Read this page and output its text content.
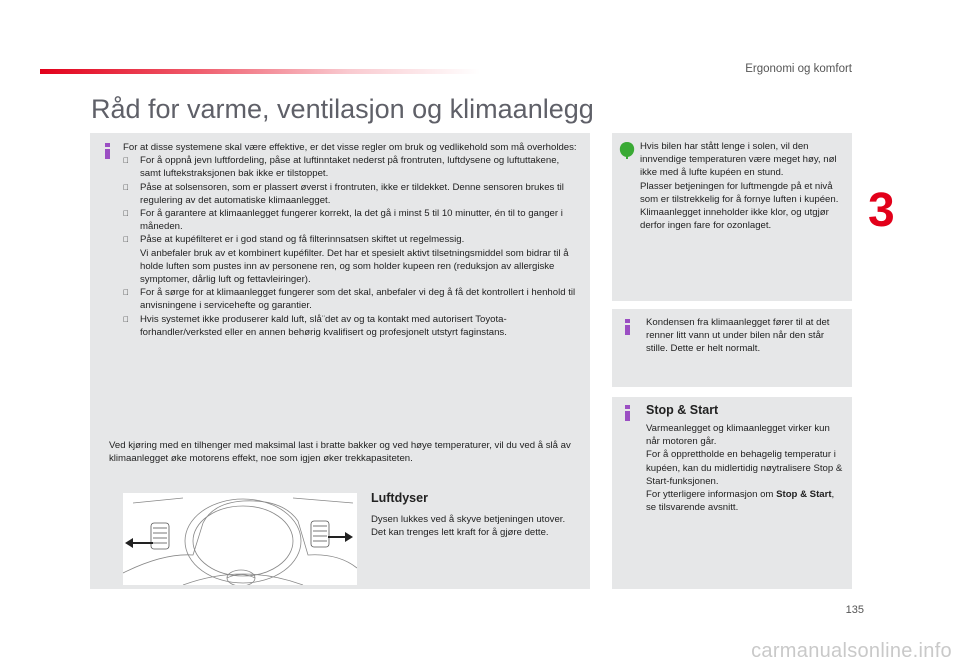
Ergonomi og komfort
3
Råd for varme, ventilasjon og klimaanlegg
For at disse systemene skal være effektive, er det visse regler om bruk og vedlikehold som må overholdes:
For å oppnå jevn luftfordeling, påse at luftinntaket nederst på frontruten, luftdysene og luftuttakene, samt luftekstraksjonen bak ikke er tilstoppet.
Påse at solsensoren, som er plassert øverst i frontruten, ikke er tildekket. Denne sensoren brukes til regulering av det automatiske klimaanlegget.
For å garantere at klimaanlegget fungerer korrekt, la det gå i minst 5 til 10 minutter, én til to ganger i måneden.
Påse at kupéfilteret er i god stand og få filterinnsatsen skiftet ut regelmessig.
Vi anbefaler bruk av et kombinert kupéfilter. Det har et spesielt aktivt tilsetningsmiddel som bidrar til å holde luften som pustes inn av personene ren, og som holder kupeen ren (reduksjon av allergiske symptomer, dårlig luft og fettavleiringer).
For å sørge for at klimaanlegget fungerer som det skal, anbefaler vi deg å få det kontrollert i henhold til anvisningene i servicehefte og garantier.
Hvis systemet ikke produserer kald luft, slå¨det av og ta kontakt med autorisert Toyota-forhandler/verksted eller en annen behørig kvalifisert og profesjonelt utstyrt faginstans.
Ved kjøring med en tilhenger med maksimal last i bratte bakker og ved høye temperaturer, vil du ved å slå av klimaanlegget øke motorens effekt, noe som igjen øker trekkapasiteten.
Luftdyser
Dysen lukkes ved å skyve betjeningen utover. Det kan trenges lett kraft for å gjøre dette.
Hvis bilen har stått lenge i solen, vil den innvendige temperaturen være meget høy, nøl ikke med å lufte kupéen en stund.
Plasser betjeningen for luftmengde på et nivå som er tilstrekkelig for å fornye luften i kupéen.
Klimaanlegget inneholder ikke klor, og utgjør derfor ingen fare for ozonlaget.
Kondensen fra klimaanlegget fører til at det renner litt vann ut under bilen når den står stille. Dette er helt normalt.
Stop & Start
Varmeanlegget og klimaanlegget virker kun når motoren går.
For å opprettholde en behagelig temperatur i kupéen, kan du midlertidig nøytralisere Stop & Start-funksjonen.
For ytterligere informasjon om Stop & Start, se tilsvarende avsnitt.
135
carmanualsonline.info
